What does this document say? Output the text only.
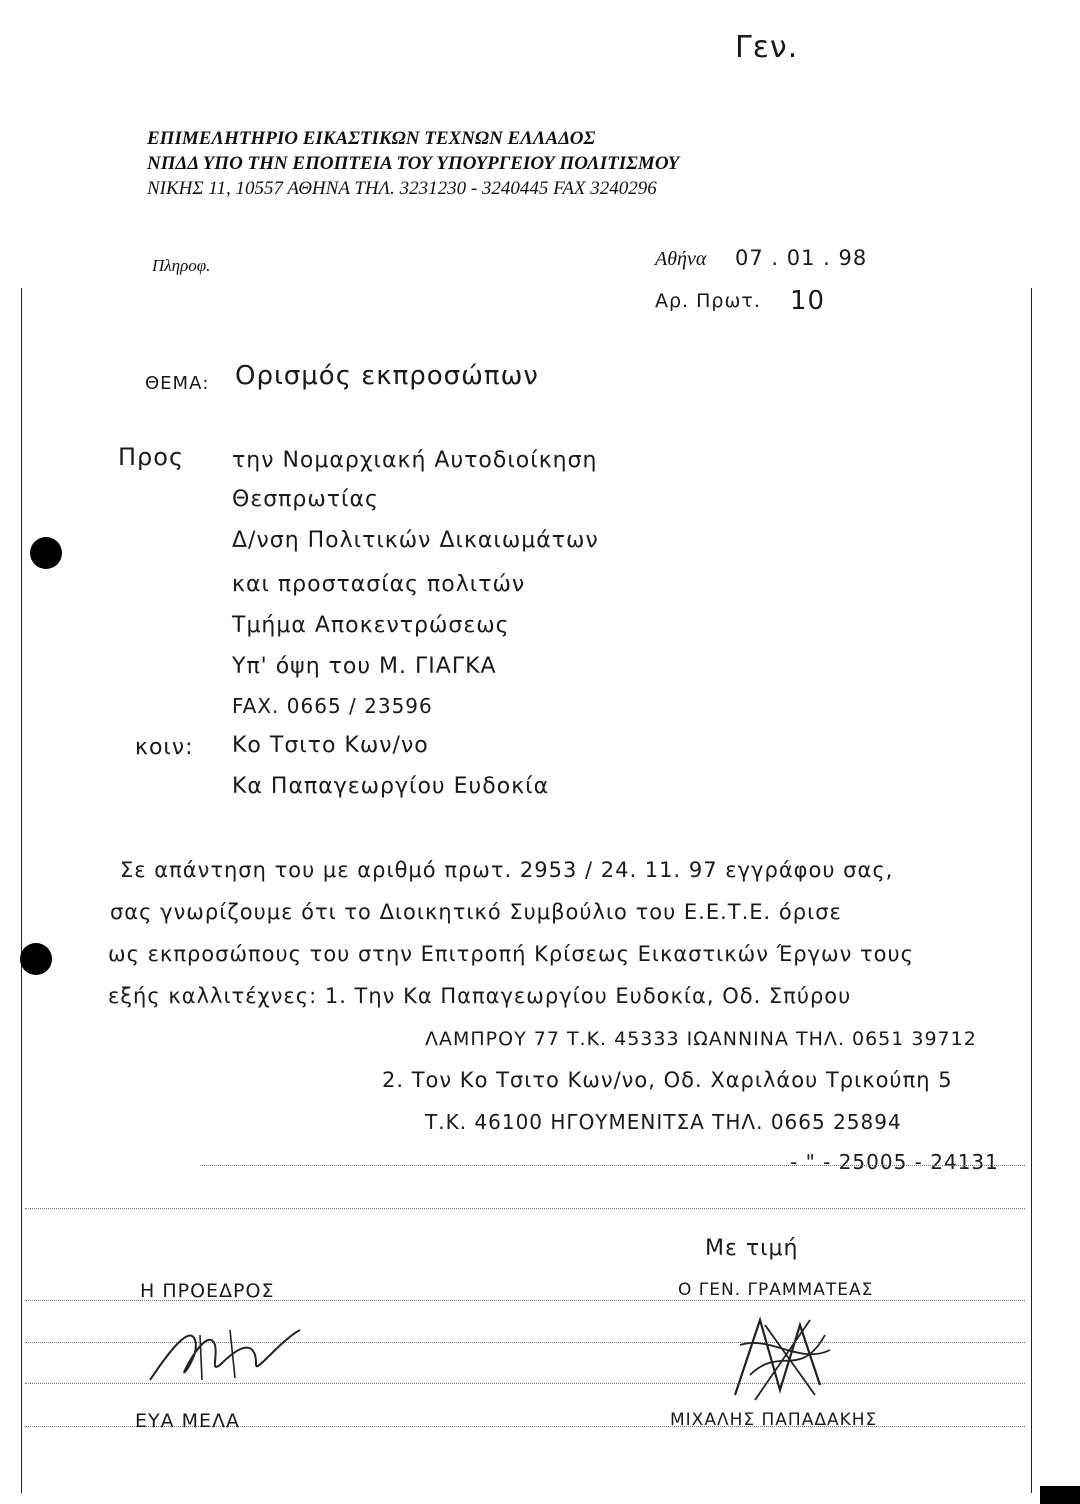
Γεν.
ΕΠΙΜΕΛΗΤΗΡΙΟ ΕΙΚΑΣΤΙΚΩΝ ΤΕΧΝΩΝ ΕΛΛΑΔΟΣ
ΝΠΔΔ ΥΠΟ ΤΗΝ ΕΠΟΠΤΕΙΑ ΤΟΥ ΥΠΟΥΡΓΕΙΟΥ ΠΟΛΙΤΙΣΜΟΥ
ΝΙΚΗΣ 11, 10557 ΑΘΗΝΑ ΤΗΛ. 3231230 - 3240445 FAX 3240296
Πληροφ.	Αθήνα 07 . 01 . 98
Αρ. Πρωτ. 10
ΘΕΜΑ: Ορισμός εκπροσώπων
Προς την Νομαρχιακή Αυτοδιοίκηση
Θεσπρωτίας
Δ/νση Πολιτικών Δικαιωμάτων
και προστασίας πολιτών
Τμήμα Αποκεντρώσεως
Υπ' όψη του Μ. ΓΙΑΓΚΑ
FAX. 0665 / 23596
κοιν: Κο Τσιτο Κων/νο
Κα Παπαγεωργίου Ευδοκία
Σε απάντηση του με αριθμό πρωτ. 2953 / 24. 11. 97 εγγράφου σας,
σας γνωρίζουμε ότι το Διοικητικό Συμβούλιο του Ε.Ε.Τ.Ε. όρισε
ως εκπροσώπους του στην Επιτροπή Κρίσεως Εικαστικών Έργων τους
εξής καλλιτέχνες: 1. Την Κα Παπαγεωργίου Ευδοκία, Οδ. Σπύρου
ΛΑΜΠΡΟΥ 77 Τ.Κ. 45333 ΙΩΑΝΝΙΝΑ ΤΗΛ. 0651 39712
2. Τον Κο Τσιτο Κων/νο, Οδ. Χαριλάου Τρικούπη 5
Τ.Κ. 46100 ΗΓΟΥΜΕΝΙΤΣΑ ΤΗΛ. 0665 25894
- " - 25005 - 24131
Με τιμή
Η ΠΡΟΕΔΡΟΣ
ΕΥΑ ΜΕΛΑ
Ο ΓΕΝ. ΓΡΑΜΜΑΤΕΑΣ
ΜΙΧΑΛΗΣ ΠΑΠΑΔΑΚΗΣ
